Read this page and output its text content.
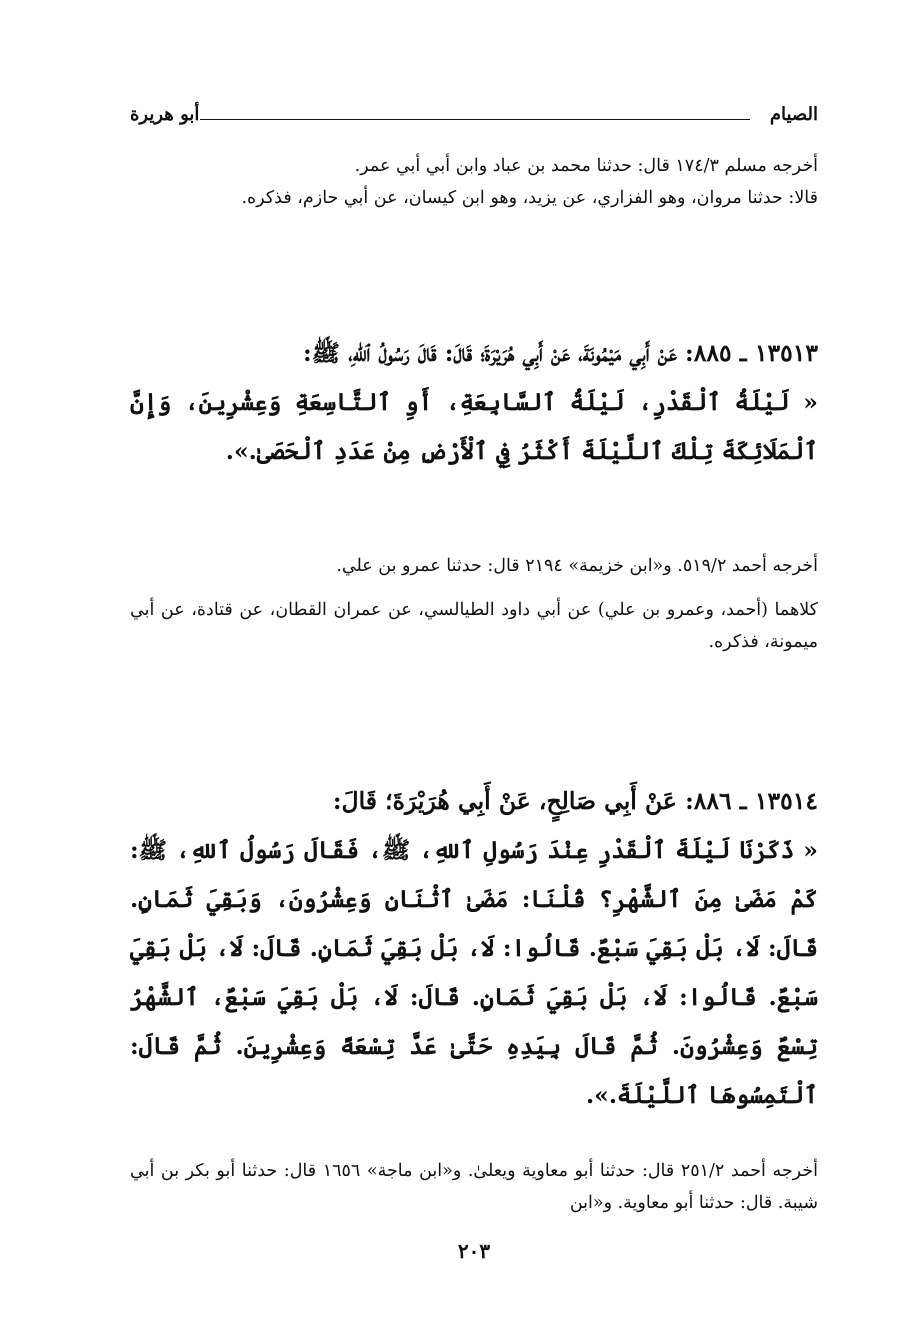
الصيام
أبو هريرة

أخرجه مسلم ١٧٤/٣ قال: حدثنا محمد بن عباد وابن أبي أبي عمر.

قالا: حدثنا مروان، وهو الفزاري، عن يزيد، وهو ابن كيسان، عن أبي حازم، فذكره.

١٣٥١٣ ـ ٨٨٥: عَنْ أَبِي مَيْمُونَةَ، عَنْ أَبِي هُرَيْرَةَ؛ قَالَ: قَالَ رَسُولُ ٱللهِ، ﷺ:

« لَيْلَةُ ٱلْقَدْرِ، لَيْلَةُ ٱلسَّابِعَةِ، أَوِ ٱلتَّاسِعَةِ وَعِشْرِينَ، وَإِنَّ ٱلْمَلَائِكَةَ تِلْكَ ٱللَّيْلَةَ أَكْثَرُ فِي ٱلْأَرْضِ مِنْ عَدَدِ ٱلْحَصَىٰ.».

أخرجه أحمد ٥١٩/٢. و«ابن خزيمة» ٢١٩٤ قال: حدثنا عمرو بن علي.

كلاهما (أحمد، وعمرو بن علي) عن أبي داود الطيالسي، عن عمران القطان، عن قتادة، عن أبي ميمونة، فذكره.

١٣٥١٤ ـ ٨٨٦: عَنْ أَبِي صَالِحٍ، عَنْ أَبِي هُرَيْرَةَ؛ قَالَ:

« ذَكَرْنَا لَيْلَةَ ٱلْقَدْرِ عِنْدَ رَسُولِ ٱللهِ، ﷺ، فَقَالَ رَسُولُ ٱللهِ، ﷺ: كَمْ مَضَىٰ مِنَ ٱلشَّهْرِ؟ قُلْنَا: مَضَىٰ ٱثْنَانِ وَعِشْرُونَ، وَبَقِيَ ثَمَانٍ. قَالَ: لَا، بَلْ بَقِيَ سَبْعٌ. قَالُوا: لَا، بَلْ بَقِيَ ثَمَانٍ. قَالَ: لَا، بَلْ بَقِيَ سَبْعٌ. قَالُوا: لَا، بَلْ بَقِيَ ثَمَانٍ. قَالَ: لَا، بَلْ بَقِيَ سَبْعٌ، ٱلشَّهْرُ تِسْعٌ وَعِشْرُونَ. ثُمَّ قَالَ بِيَدِهِ حَتَّىٰ عَدَّ تِسْعَةً وَعِشْرِينَ. ثُمَّ قَالَ: ٱلْتَمِسُوهَا ٱللَّيْلَةَ.».

أخرجه أحمد ٢٥١/٢ قال: حدثنا أبو معاوية ويعلىٰ. و«ابن ماجة» ١٦٥٦ قال: حدثنا أبو بكر بن أبي شيبة. قال: حدثنا أبو معاوية. و«ابن

٢٠٣
